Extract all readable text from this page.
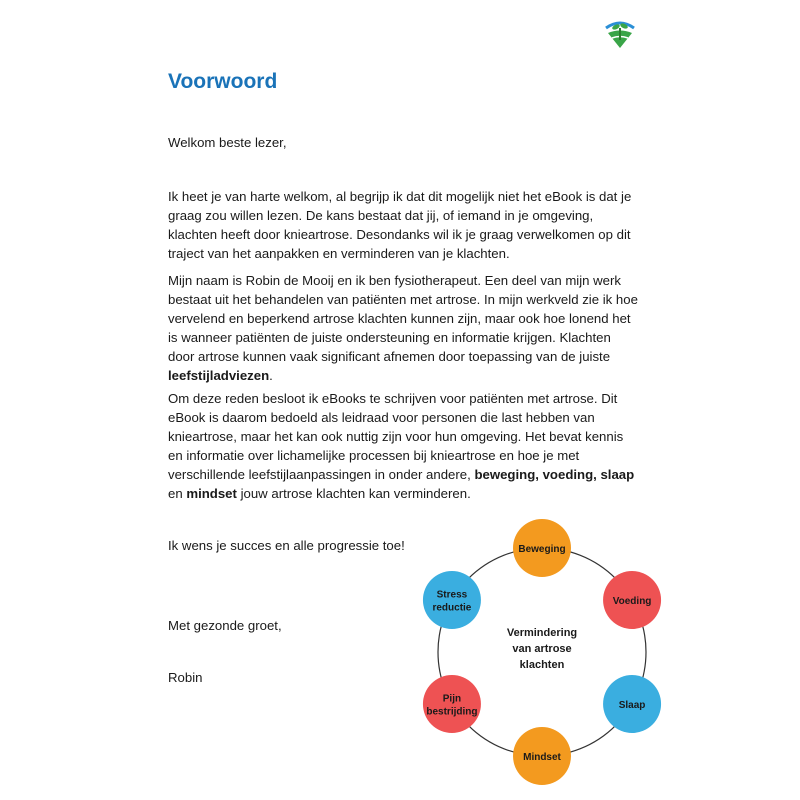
Voorwoord

Welkom beste lezer,

Ik heet je van harte welkom, al begrijp ik dat dit mogelijk niet het eBook is dat je graag zou willen lezen. De kans bestaat dat jij, of iemand in je omgeving, klachten heeft door knieartrose. Desondanks wil ik je graag verwelkomen op dit traject van het aanpakken en verminderen van je klachten.

Mijn naam is Robin de Mooij en ik ben fysiotherapeut. Een deel van mijn werk bestaat uit het behandelen van patiënten met artrose. In mijn werkveld zie ik hoe vervelend en beperkend artrose klachten kunnen zijn, maar ook hoe lonend het is wanneer patiënten de juiste ondersteuning en informatie krijgen. Klachten door artrose kunnen vaak significant afnemen door toepassing van de juiste leefstijladviezen.

Om deze reden besloot ik eBooks te schrijven voor patiënten met artrose. Dit eBook is daarom bedoeld als leidraad voor personen die last hebben van knieartrose, maar het kan ook nuttig zijn voor hun omgeving. Het bevat kennis en informatie over lichamelijke processen bij knieartrose en hoe je met verschillende leefstijlaanpassingen in onder andere, beweging, voeding, slaap en mindset jouw artrose klachten kan verminderen.

Ik wens je succes en alle progressie toe!

Met gezonde groet,

Robin

Vermindering
van artrose
klachten
Beweging
Voeding
Slaap
Mindset
Pijn
bestrijding
Stress
reductie
